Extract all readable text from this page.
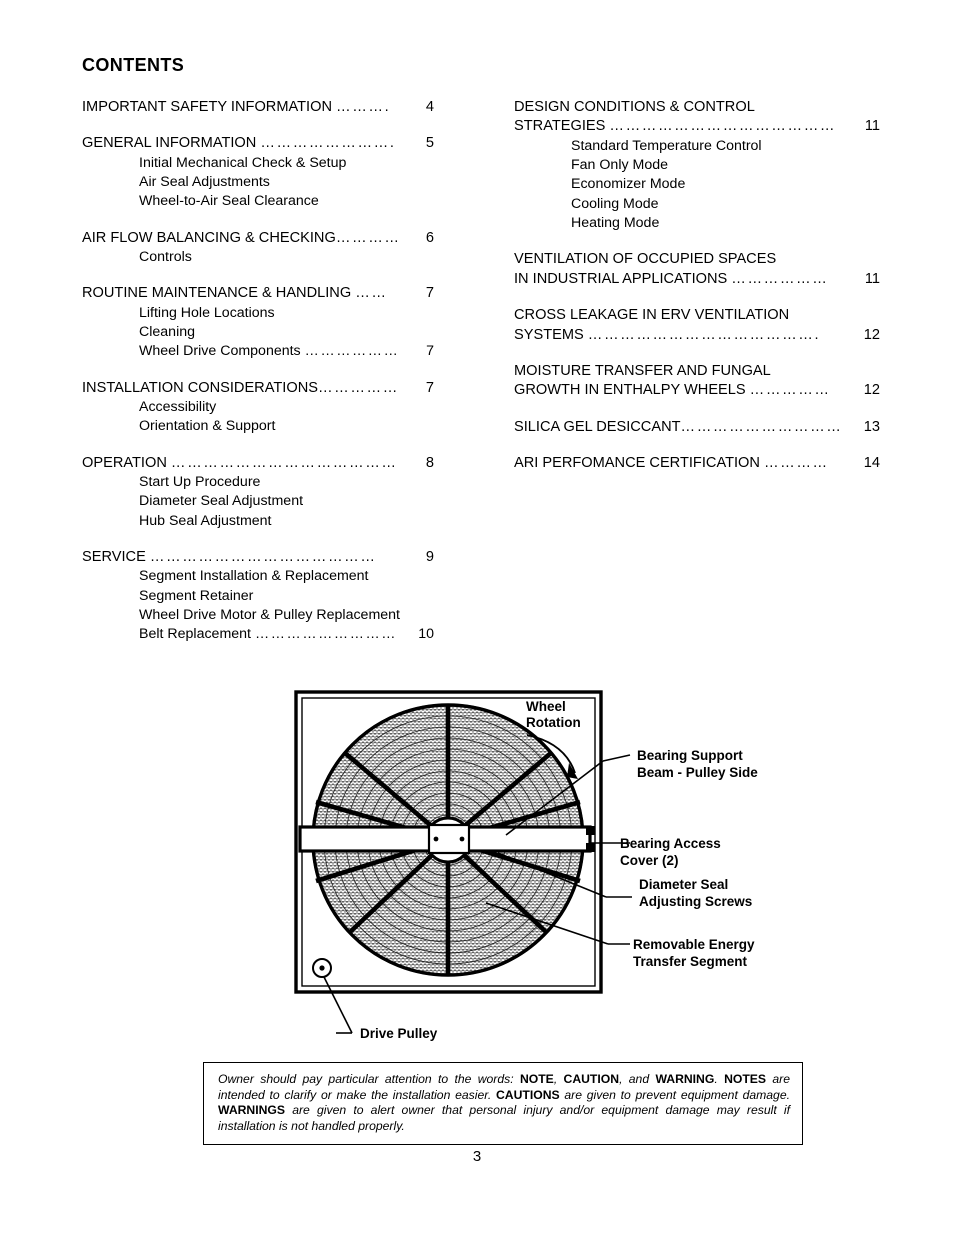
CONTENTS
IMPORTANT SAFETY INFORMATION ……….	4
GENERAL INFORMATION …………………….	5
Initial Mechanical Check & Setup
Air Seal Adjustments
Wheel-to-Air Seal Clearance
AIR FLOW BALANCING & CHECKING …………	6
Controls
ROUTINE MAINTENANCE & HANDLING ……	7
Lifting Hole Locations
Cleaning
Wheel Drive Components ………………	7
INSTALLATION CONSIDERATIONS ……………	7
Accessibility
Orientation & Support
OPERATION ……………………………………	8
Start Up Procedure
Diameter Seal Adjustment
Hub Seal Adjustment
SERVICE ……………………………………	9
Segment Installation & Replacement
Segment Retainer
Wheel Drive Motor & Pulley Replacement
Belt Replacement ………………………	10
DESIGN CONDITIONS & CONTROL
STRATEGIES ……………………………………	11
Standard Temperature Control
Fan Only Mode
Economizer Mode
Cooling Mode
Heating Mode
VENTILATION OF OCCUPIED SPACES
IN INDUSTRIAL APPLICATIONS ………………	11
CROSS LEAKAGE IN ERV VENTILATION
SYSTEMS …………………………………….	12
MOISTURE TRANSFER AND FUNGAL
GROWTH IN ENTHALPY WHEELS ……………	12
SILICA GEL DESICCANT …………………………	13
ARI PERFOMANCE CERTIFICATION …………	14
Wheel
Rotation
Bearing Support
Beam - Pulley Side
Bearing Access
Cover (2)
Diameter Seal
Adjusting Screws
Removable Energy
Transfer Segment
Drive Pulley

Owner should pay particular attention to the words: NOTE, CAUTION, and WARNING. NOTES are intended to clarify or make the installation easier. CAUTIONS are given to prevent equipment damage. WARNINGS are given to alert owner that personal injury and/or equipment damage may result if installation is not handled properly.

3
